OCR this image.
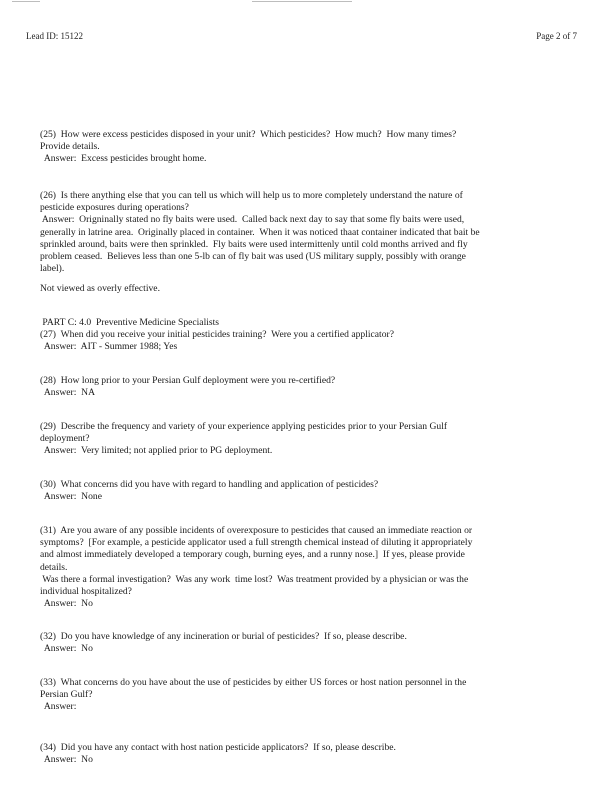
Lead ID: 15122	Page 2 of 7
(25)  How were excess pesticides disposed in your unit?  Which pesticides?  How much?  How many times?
Provide details.
Answer:  Excess pesticides brought home.
(26)  Is there anything else that you can tell us which will help us to more completely understand the nature of
pesticide exposures during operations?
Answer:  Origninally stated no fly baits were used.  Called back next day to say that some fly baits were used,
generally in latrine area.  Originally placed in container.  When it was noticed thaat container indicated that bait be
sprinkled around, baits were then sprinkled.  Fly baits were used intermittenly until cold months arrived and fly
problem ceased.  Believes less than one 5-lb can of fly bait was used (US military supply, possibly with orange
label).
Not viewed as overly effective.
PART C: 4.0  Preventive Medicine Specialists
(27)  When did you receive your initial pesticides training?  Were you a certified applicator?
Answer:  AIT - Summer 1988; Yes
(28)  How long prior to your Persian Gulf deployment were you re-certified?
Answer:  NA
(29)  Describe the frequency and variety of your experience applying pesticides prior to your Persian Gulf
deployment?
Answer:  Very limited; not applied prior to PG deployment.
(30)  What concerns did you have with regard to handling and application of pesticides?
Answer:  None
(31)  Are you aware of any possible incidents of overexposure to pesticides that caused an immediate reaction or
symptoms?  [For example, a pesticide applicator used a full strength chemical instead of diluting it appropriately
and almost immediately developed a temporary cough, burning eyes, and a runny nose.]  If yes, please provide
details.
Was there a formal investigation?  Was any work  time lost?  Was treatment provided by a physician or was the
individual hospitalized?
Answer:  No
(32)  Do you have knowledge of any incineration or burial of pesticides?  If so, please describe.
Answer:  No
(33)  What concerns do you have about the use of pesticides by either US forces or host nation personnel in the
Persian Gulf?
Answer:
(34)  Did you have any contact with host nation pesticide applicators?  If so, please describe.
Answer:  No
